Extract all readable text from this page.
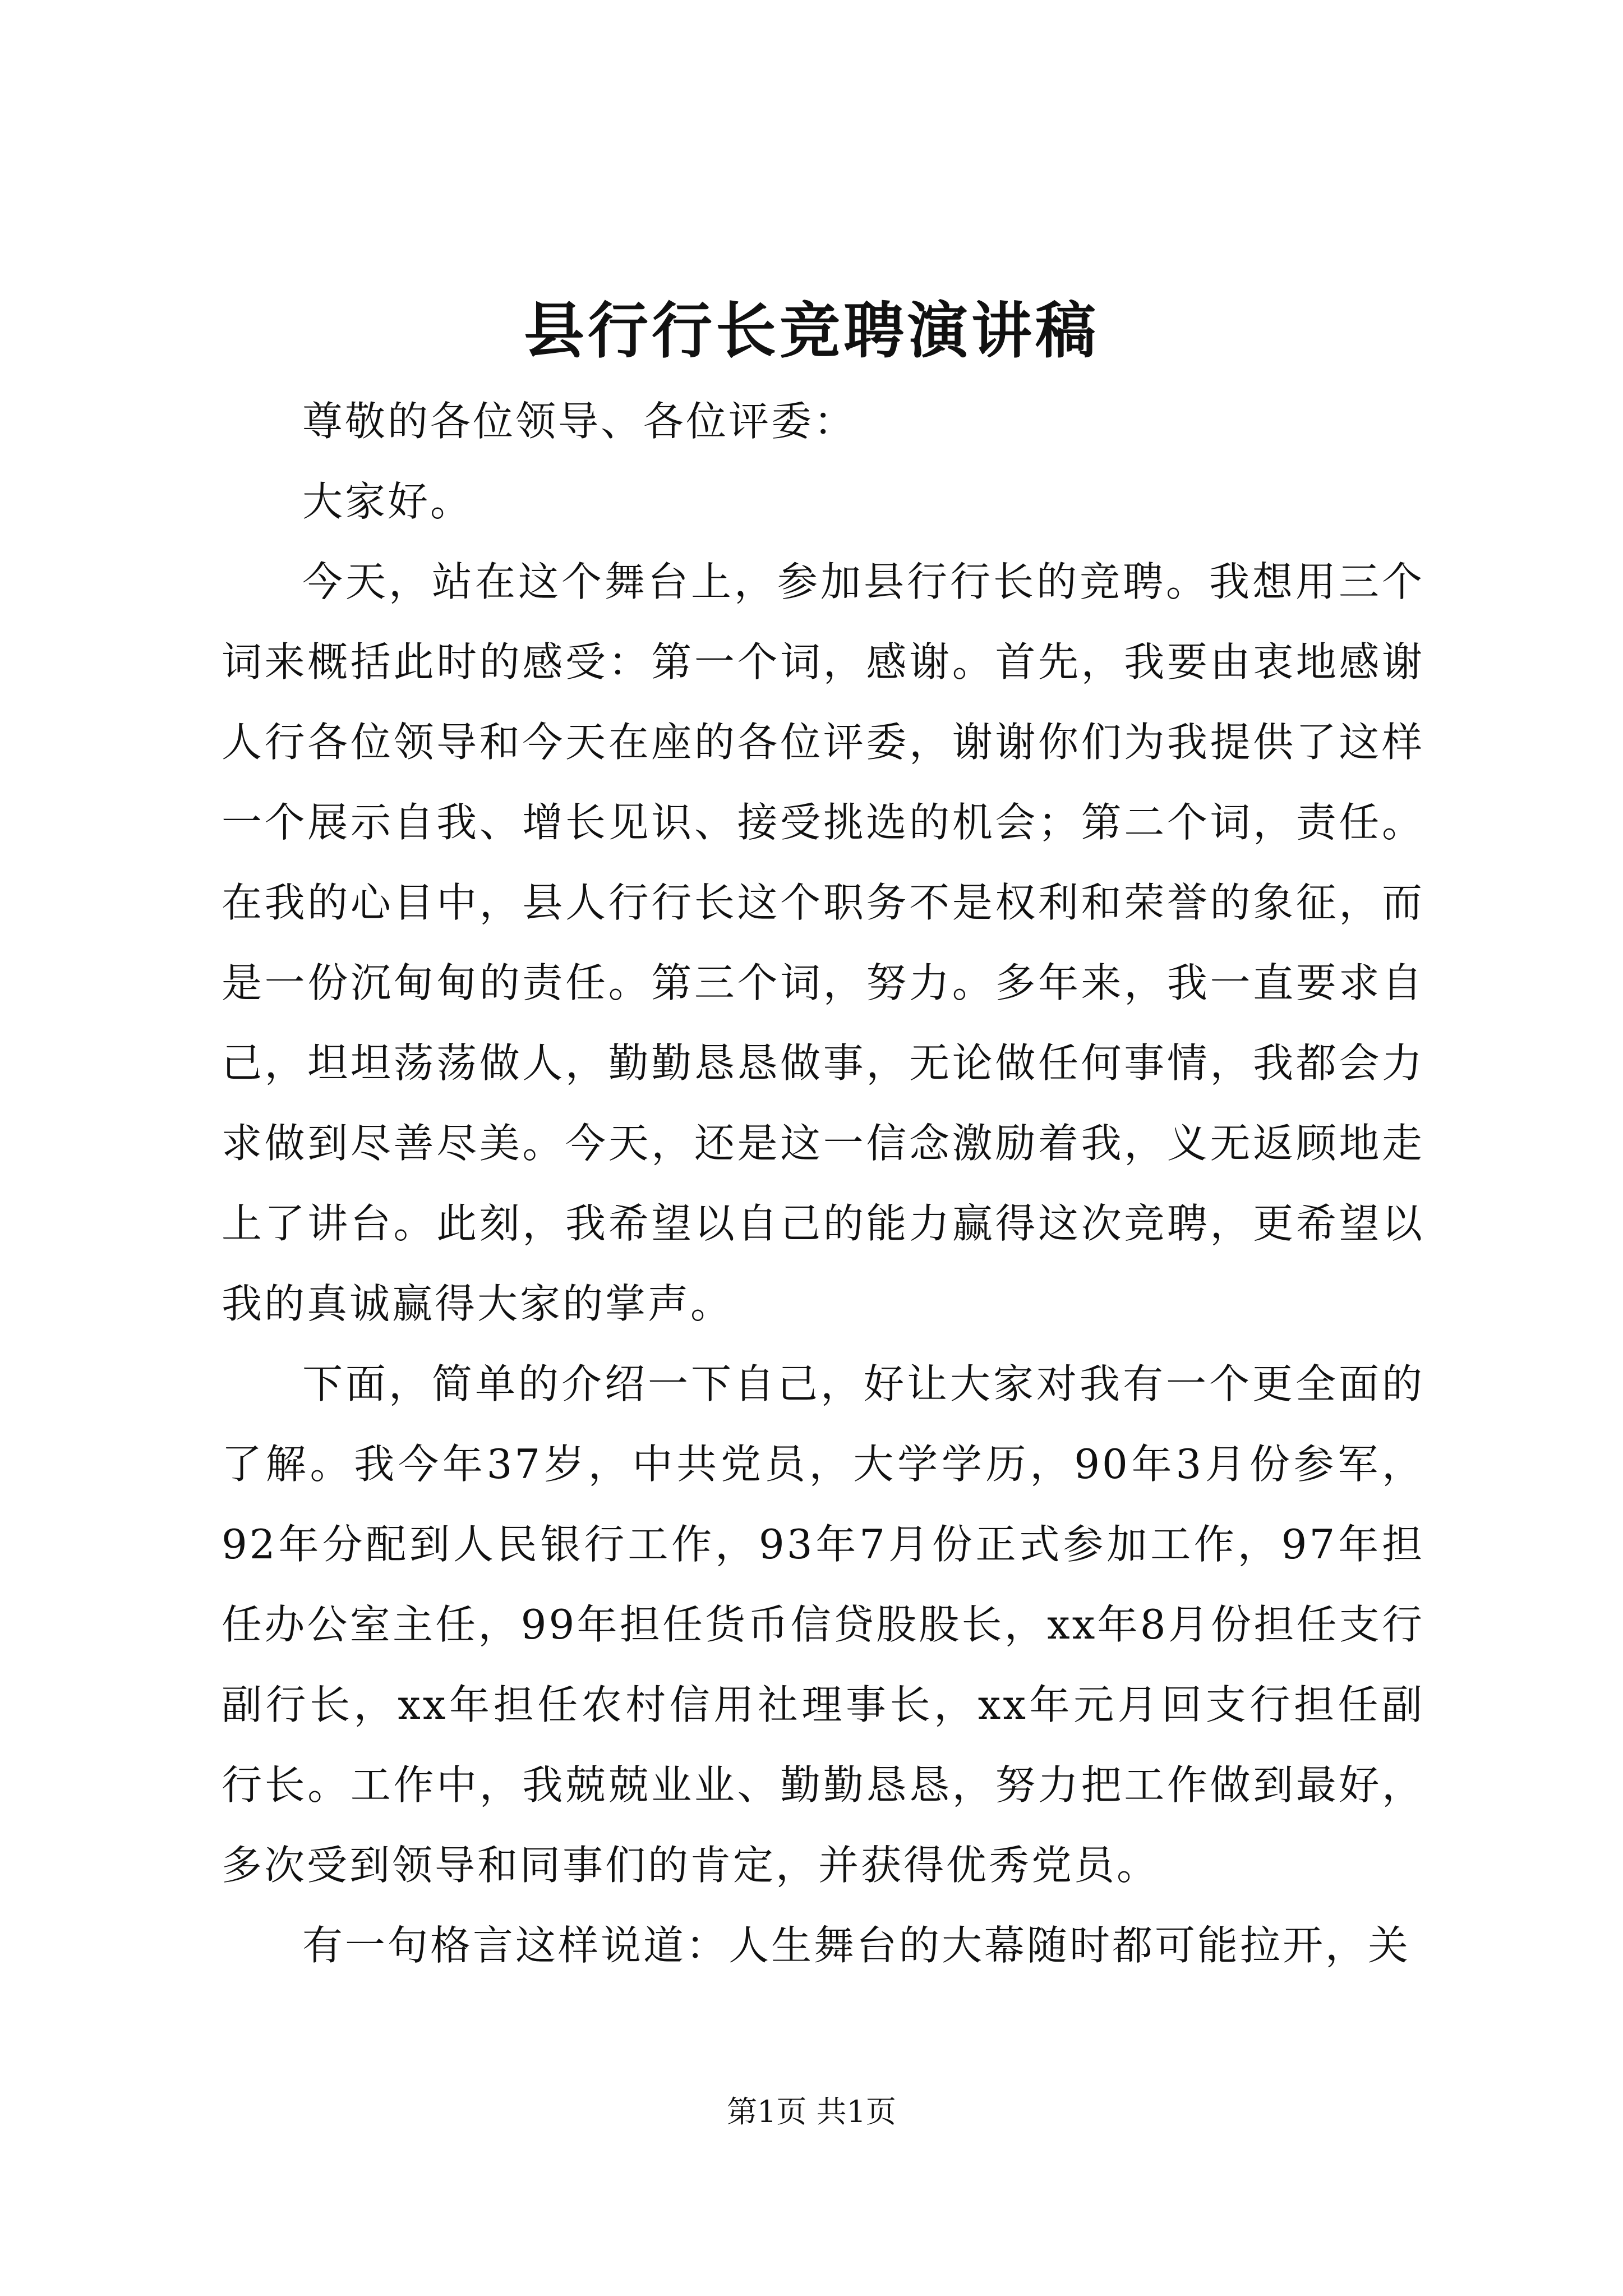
县行行长竞聘演讲稿

尊敬的各位领导、各位评委：

大家好。

今天，站在这个舞台上，参加县行行长的竞聘。我想用三个词来概括此时的感受：第一个词，感谢。首先，我要由衷地感谢人行各位领导和今天在座的各位评委，谢谢你们为我提供了这样一个展示自我、增长见识、接受挑选的机会；第二个词，责任。在我的心目中，县人行行长这个职务不是权利和荣誉的象征，而是一份沉甸甸的责任。第三个词，努力。多年来，我一直要求自己，坦坦荡荡做人，勤勤恳恳做事，无论做任何事情，我都会力求做到尽善尽美。今天，还是这一信念激励着我，义无返顾地走上了讲台。此刻，我希望以自己的能力赢得这次竞聘，更希望以我的真诚赢得大家的掌声。

下面，简单的介绍一下自己，好让大家对我有一个更全面的了解。我今年37岁，中共党员，大学学历，90年3月份参军，92年分配到人民银行工作，93年7月份正式参加工作，97年担任办公室主任，99年担任货币信贷股股长，xx年8月份担任支行副行长，xx年担任农村信用社理事长，xx年元月回支行担任副行长。工作中，我兢兢业业、勤勤恳恳，努力把工作做到最好，多次受到领导和同事们的肯定，并获得优秀党员。

有一句格言这样说道：人生舞台的大幕随时都可能拉开，关

第1页 共1页
